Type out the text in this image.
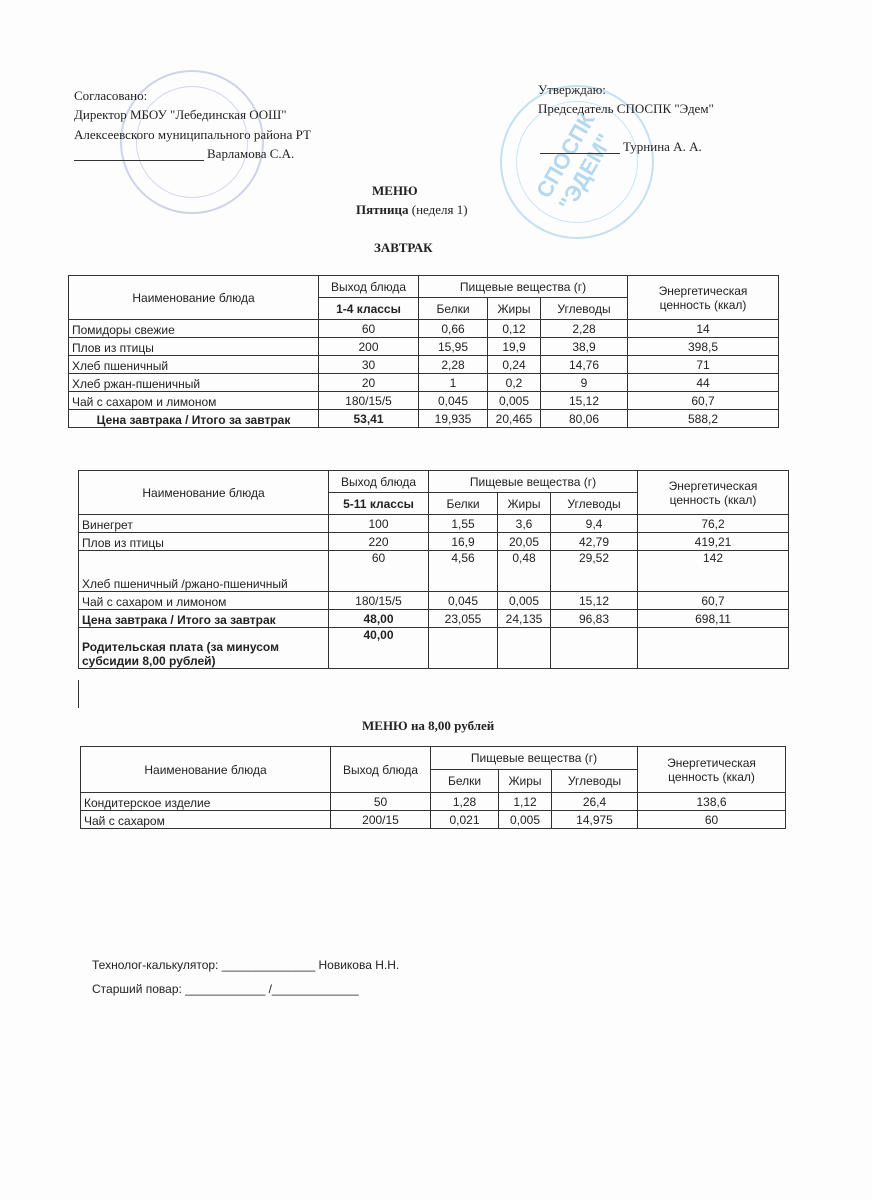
СПОСПК "ЭДЕМ"
Согласовано:
Директор МБОУ "Лебединская ООШ"
Алексеевского муниципального района РТ
Варламова С.А.
Утверждаю:
Председатель СПОСПК "Эдем"
Турнина А. А.
МЕНЮ
Пятница (неделя 1)
ЗАВТРАК
Наименование блюда	Выход блюда	Пищевые вещества (г)			Энергетическая
ценность (ккал)
	1-4 классы	Белки	Жиры	Углеводы	
Помидоры свежие	60	0,66	0,12	2,28	14
Плов из птицы	200	15,95	19,9	38,9	398,5
Хлеб пшеничный	30	2,28	0,24	14,76	71
Хлеб ржан-пшеничный	20	1	0,2	9	44
Чай с сахаром и лимоном	180/15/5	0,045	0,005	15,12	60,7
Цена завтрака / Итого за завтрак	53,41	19,935	20,465	80,06	588,2
Наименование блюда	Выход блюда	Пищевые вещества (г)			Энергетическая
ценность (ккал)
	5-11 классы	Белки	Жиры	Углеводы	
Винегрет	100	1,55	3,6	9,4	76,2
Плов из птицы	220	16,9	20,05	42,79	419,21
Хлеб пшеничный /ржано-пшеничный	60	4,56	0,48	29,52	142
Чай с сахаром и лимоном	180/15/5	0,045	0,005	15,12	60,7
Цена завтрака / Итого за завтрак	48,00	23,055	24,135	96,83	698,11
Родительская плата (за минусом субсидии 8,00 рублей)	40,00				
МЕНЮ на 8,00 рублей
Наименование блюда	Выход блюда	Пищевые вещества (г)			Энергетическая
ценность (ккал)
		Белки	Жиры	Углеводы	
Кондитерское изделие	50	1,28	1,12	26,4	138,6
Чай с сахаром	200/15	0,021	0,005	14,975	60
Технолог-калькулятор: ______________ Новикова Н.Н.
Старший повар: ____________ /_____________
